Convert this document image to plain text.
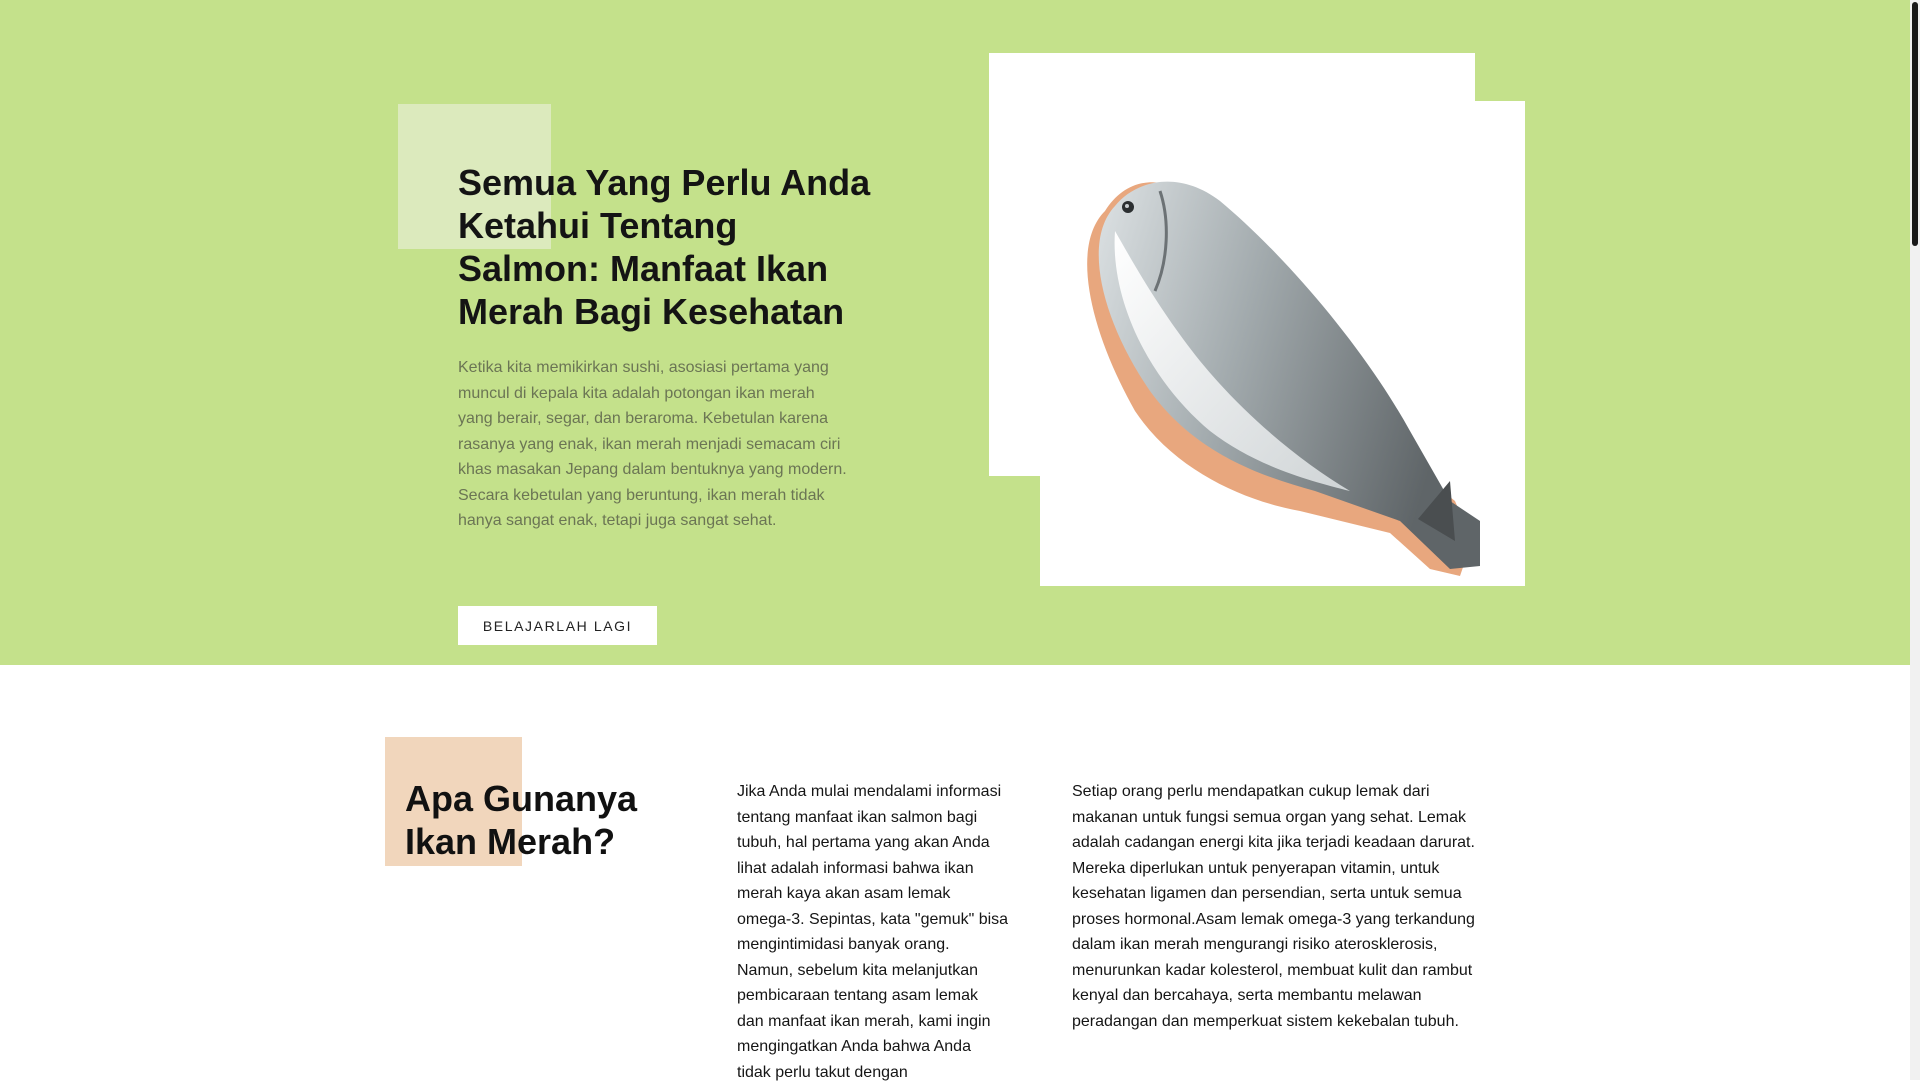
Semua Yang Perlu Anda Ketahui Tentang Salmon: Manfaat Ikan Merah Bagi Kesehatan

Ketika kita memikirkan sushi, asosiasi pertama yang muncul di kepala kita adalah potongan ikan merah yang berair, segar, dan beraroma. Kebetulan karena rasanya yang enak, ikan merah menjadi semacam ciri khas masakan Jepang dalam bentuknya yang modern. Secara kebetulan yang beruntung, ikan merah tidak hanya sangat enak, tetapi juga sangat sehat.

BELAJARLAH LAGI
Apa Gunanya Ikan Merah?

Jika Anda mulai mendalami informasi tentang manfaat ikan salmon bagi tubuh, hal pertama yang akan Anda lihat adalah informasi bahwa ikan merah kaya akan asam lemak omega-3. Sepintas, kata "gemuk" bisa mengintimidasi banyak orang. Namun, sebelum kita melanjutkan pembicaraan tentang asam lemak dan manfaat ikan merah, kami ingin mengingatkan Anda bahwa Anda tidak perlu takut dengan

Setiap orang perlu mendapatkan cukup lemak dari makanan untuk fungsi semua organ yang sehat. Lemak adalah cadangan energi kita jika terjadi keadaan darurat. Mereka diperlukan untuk penyerapan vitamin, untuk kesehatan ligamen dan persendian, serta untuk semua proses hormonal.Asam lemak omega-3 yang terkandung dalam ikan merah mengurangi risiko aterosklerosis, menurunkan kadar kolesterol, membuat kulit dan rambut kenyal dan bercahaya, serta membantu melawan peradangan dan memperkuat sistem kekebalan tubuh.
